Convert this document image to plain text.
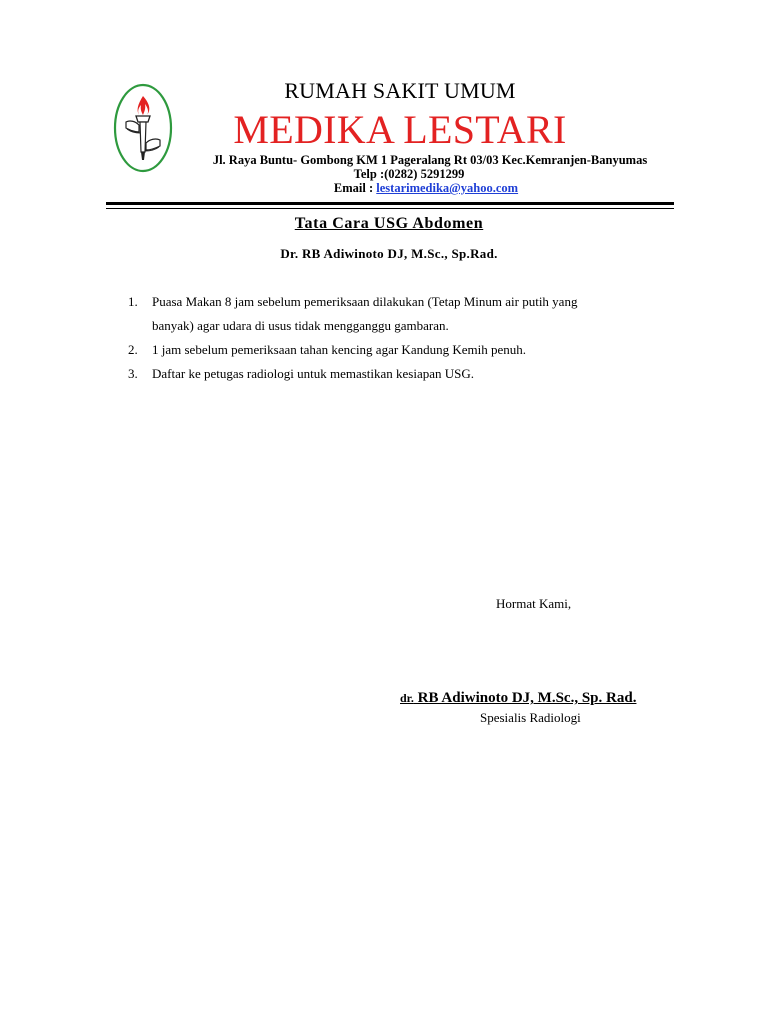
RUMAH SAKIT UMUM
MEDIKA LESTARI
Jl. Raya Buntu- Gombong KM 1 Pageralang Rt 03/03 Kec.Kemranjen-Banyumas
Telp :(0282) 5291299
Email : lestarimedika@yahoo.com
Tata Cara USG Abdomen
Dr. RB Adiwinoto DJ, M.Sc., Sp.Rad.
1. Puasa Makan 8 jam sebelum pemeriksaan dilakukan (Tetap Minum air putih yang
banyak) agar udara di usus tidak mengganggu gambaran.
2. 1 jam sebelum pemeriksaan tahan kencing agar Kandung Kemih penuh.
3. Daftar ke petugas radiologi untuk memastikan kesiapan USG.
Hormat Kami,
dr. RB Adiwinoto DJ, M.Sc., Sp. Rad.
Spesialis Radiologi
